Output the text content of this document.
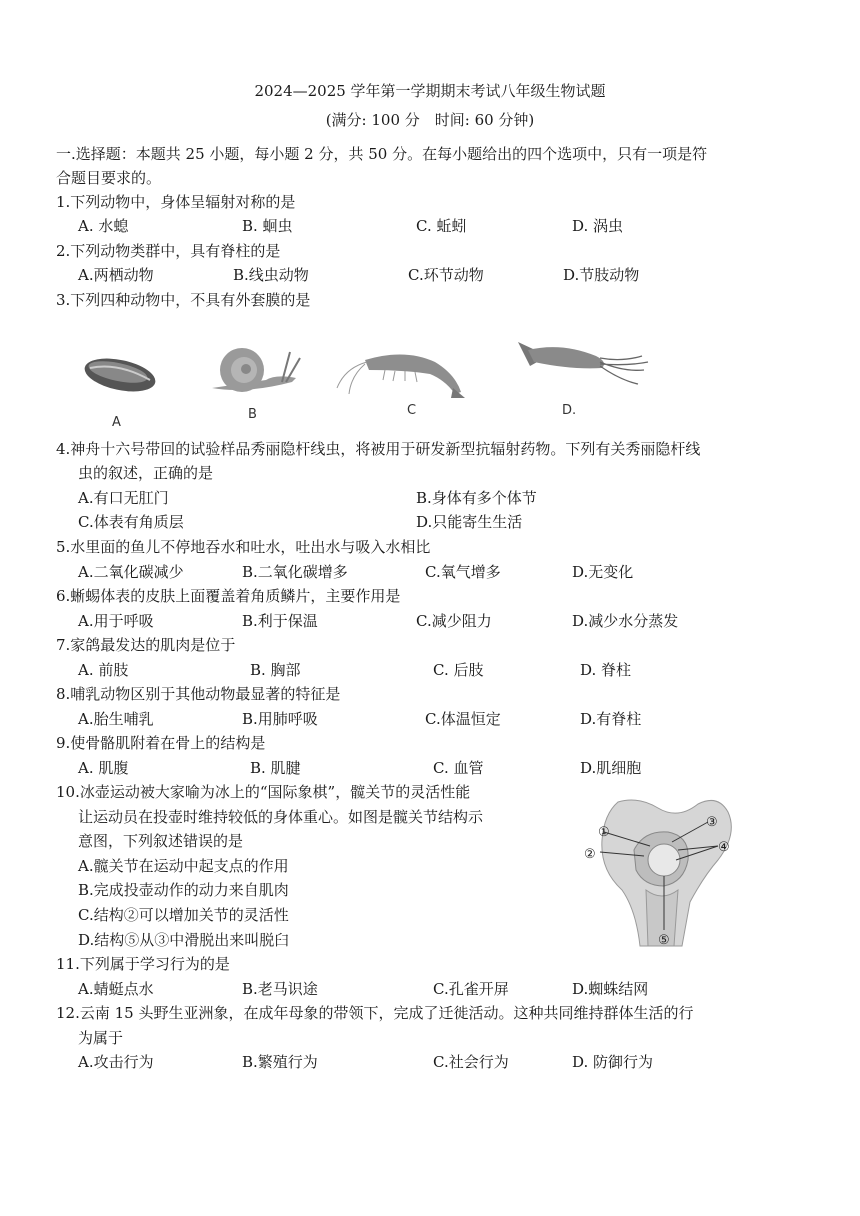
2024—2025 学年第一学期期末考试八年级生物试题
(满分: 100 分　时间: 60 分钟)
一.选择题：本题共 25 小题，每小题 2 分，共 50 分。在每小题给出的四个选项中，只有一项是符
合题目要求的。
1.下列动物中，身体呈辐射对称的是
A. 水螅	B. 蛔虫	C. 蚯蚓	D. 涡虫
2.下列动物类群中，具有脊柱的是
A.两栖动物	B.线虫动物	C.环节动物	D.节肢动物
3.下列四种动物中，不具有外套膜的是
A
B	C	D.
4.神舟十六号带回的试验样品秀丽隐杆线虫，将被用于研发新型抗辐射药物。下列有关秀丽隐杆线
虫的叙述，正确的是
A.有口无肛门	B.身体有多个体节
C.体表有角质层	D.只能寄生生活
5.水里面的鱼儿不停地吞水和吐水，吐出水与吸入水相比
A.二氧化碳减少	B.二氧化碳增多	C.氧气增多	D.无变化
6.蜥蜴体表的皮肤上面覆盖着角质鳞片，主要作用是
A.用于呼吸	B.利于保温	C.减少阻力	D.减少水分蒸发
7.家鸽最发达的肌肉是位于
A. 前肢	B. 胸部	C. 后肢	D. 脊柱
8.哺乳动物区别于其他动物最显著的特征是
A.胎生哺乳	B.用肺呼吸	C.体温恒定	D.有脊柱
9.使骨骼肌附着在骨上的结构是
A. 肌腹	B. 肌腱	C. 血管	D.肌细胞
10.冰壶运动被大家喻为冰上的“国际象棋”，髋关节的灵活性能
让运动员在投壶时维持较低的身体重心。如图是髋关节结构示
意图，下列叙述错误的是
A.髋关节在运动中起支点的作用
B.完成投壶动作的动力来自肌肉
C.结构②可以增加关节的灵活性
D.结构⑤从③中滑脱出来叫脱臼
①
②
③
④
⑤
11.下列属于学习行为的是
A.蜻蜓点水	B.老马识途	C.孔雀开屏	D.蜘蛛结网
12.云南 15 头野生亚洲象，在成年母象的带领下，完成了迁徙活动。这种共同维持群体生活的行
为属于
A.攻击行为	B.繁殖行为	C.社会行为	D. 防御行为
